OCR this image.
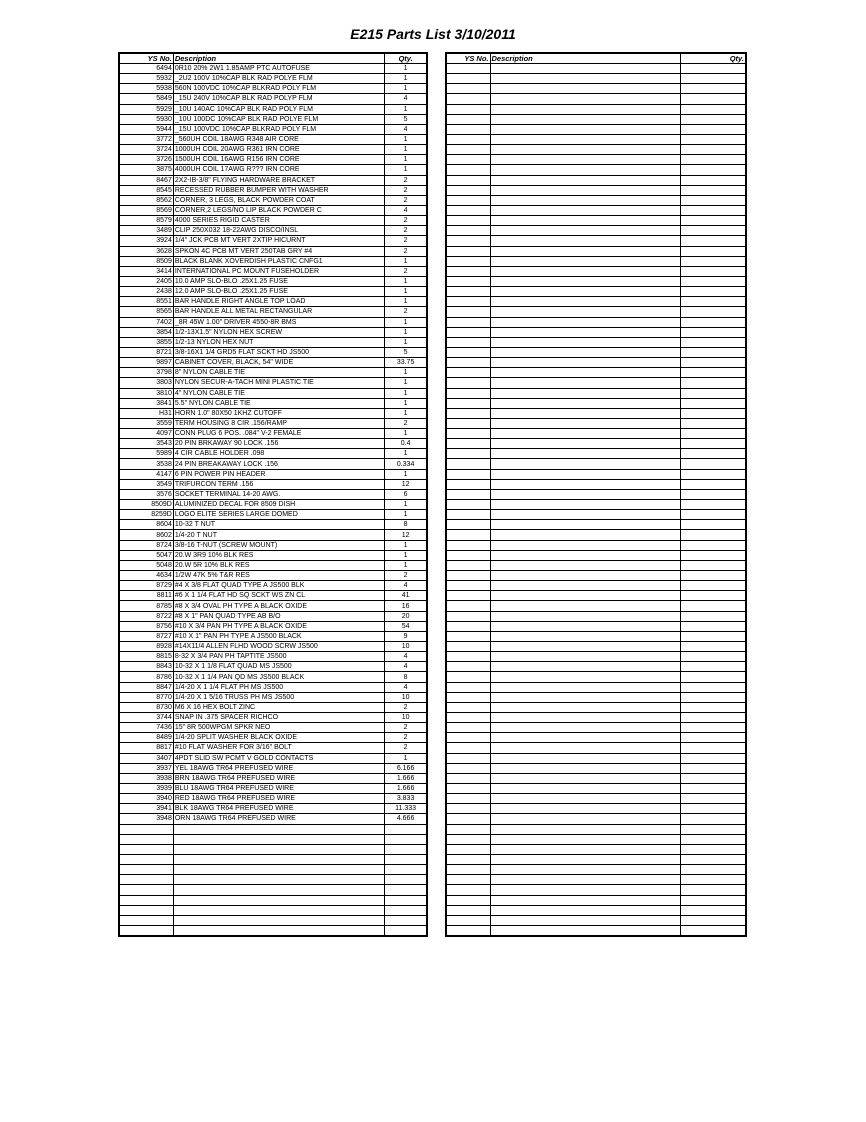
E215 Parts List 3/10/2011
YS No.	Description	Qty.
6494	0R10 20% 2W1 1.85AMP PTC AUTOFUSE	1
5932	_2U2 100V 10%CAP BLK RAD POLYE FLM	1
5938	560N 100VDC 10%CAP BLKRAD POLY FLM	1
5849	_15U 240V 10%CAP BLK RAD POLYP FLM	4
5929	_10U 140AC 10%CAP BLK RAD POLY FLM	1
5930	_10U 100DC 10%CAP BLK RAD POLYE FLM	5
5944	_15U 100VDC 10%CAP BLKRAD POLY FLM	4
3772	_560UH COIL 18AWG R348 AIR CORE	1
3724	1000UH COIL 20AWG R361 IRN CORE	1
3726	1500UH COIL 16AWG R156 IRN CORE	1
3875	4000UH COIL 17AWG R??? IRN CORE	1
8467	2X2-IB-3/8" FLYING HARDWARE BRACKET	2
8545	RECESSED RUBBER BUMPER WITH WASHER	2
8562	CORNER, 3 LEGS, BLACK POWDER COAT	2
8569	CORNER,2 LEGS/NO LIP BLACK POWDER C	4
8579	4000 SERIES RIGID CASTER	2
3489	CLIP 250X032 18-22AWG DISCO/INSL	2
3924	1/4" JCK PCB MT VERT 2XTIP HICURNT	2
3628	SPKON 4C PCB MT VERT 250TAB GRY #4	2
8509	BLACK BLANK XOVERDISH PLASTIC CNFG1	1
3414	INTERNATIONAL PC MOUNT FUSEHOLDER	2
2405	10.0 AMP SLO-BLO .25X1.25 FUSE	1
2438	12.0 AMP SLO-BLO .25X1.25 FUSE	1
8551	BAR HANDLE RIGHT ANGLE TOP LOAD	1
8565	BAR HANDLE ALL METAL RECTANGULAR	2
7402	_8R 45W 1.00" DRIVER 4550-8R BMS	1
3854	1/2-13X1.5" NYLON HEX SCREW	1
3855	1/2-13 NYLON HEX NUT	1
8721	3/8-16X1 1/4 GRD5 FLAT SCKT HD JS500	5
9897	CABINET COVER, BLACK, 54" WIDE	33.75
3798	8" NYLON CABLE TIE	1
3803	NYLON SECUR-A-TACH MINI PLASTIC TIE	1
3810	4" NYLON CABLE TIE	1
3841	5.5" NYLON CABLE TIE	1
H31	HORN 1.0" 80X50 1KHZ CUTOFF	1
3559	TERM HOUSING 8 CIR .156/RAMP	2
4097	CONN PLUG 6 POS. .084" V-2 FEMALE	1
3543	20 PIN BRKAWAY 90 LOCK .156	0.4
5989	4 CIR CABLE HOLDER .098	1
3538	24 PIN BREAKAWAY LOCK .156	0.334
4147	6 PIN POWER PIN HEADER	1
3549	TRIFURCON TERM .156	12
3576	SOCKET TERMINAL 14-20 AWG.	6
8509D	ALUMINIZED DECAL FOR 8509 DISH	1
8259D	LOGO ELITE SERIES LARGE DOMED	1
8604	10-32 T NUT	8
8602	1/4-20 T NUT	12
8724	3/8-16 T-NUT (SCREW MOUNT)	1
5047	20.W 3R9 10% BLK RES	1
5048	20.W 5R 10% BLK RES	1
4634	1/2W 47K 5% T&R RES	2
8729	#4 X 3/8 FLAT QUAD TYPE A JS500 BLK	4
8811	#6 X 1 1/4 FLAT HD SQ SCKT WS ZN CL	41
8785	#8 X 3/4 OVAL PH TYPE A BLACK OXIDE	16
8722	#8 X 1" PAN QUAD TYPE AB B/O	20
8756	#10 X 3/4 PAN PH TYPE A BLACK OXIDE	54
8727	#10 X 1" PAN PH TYPE A JS500 BLACK	9
8928	#14X11/4 ALLEN FLHD WOOD SCRW JS500	10
8815	8-32 X 3/4 PAN PH TAPTITE JS500	4
8843	10-32 X 1 1/8 FLAT QUAD MS JS500	4
8786	10-32 X 1 1/4 PAN QD MS JS500 BLACK	8
8847	1/4-20 X 1 1/4 FLAT PH MS JS500	4
8770	1/4-20 X 1 5/16 TRUSS PH MS JS500	10
8730	M6 X 16 HEX BOLT ZINC	2
3744	SNAP IN .375 SPACER RICHCO	10
7436	15" 8R 500WPGM SPKR NEO	2
8489	1/4-20 SPLIT WASHER BLACK OXIDE	2
8817	#10 FLAT WASHER FOR 3/16" BOLT	2
3407	4PDT SLID SW PCMT V GOLD CONTACTS	1
3937	YEL 18AWG TR64 PREFUSED WIRE	6.166
3938	BRN 18AWG TR64 PREFUSED WIRE	1.666
3939	BLU 18AWG TR64 PREFUSED WIRE	1.666
3940	RED 18AWG TR64 PREFUSED WIRE	3.833
3941	BLK 18AWG TR64 PREFUSED WIRE	11.333
3948	ORN 18AWG TR64 PREFUSED WIRE	4.666

YS No.	Description	Qty.
